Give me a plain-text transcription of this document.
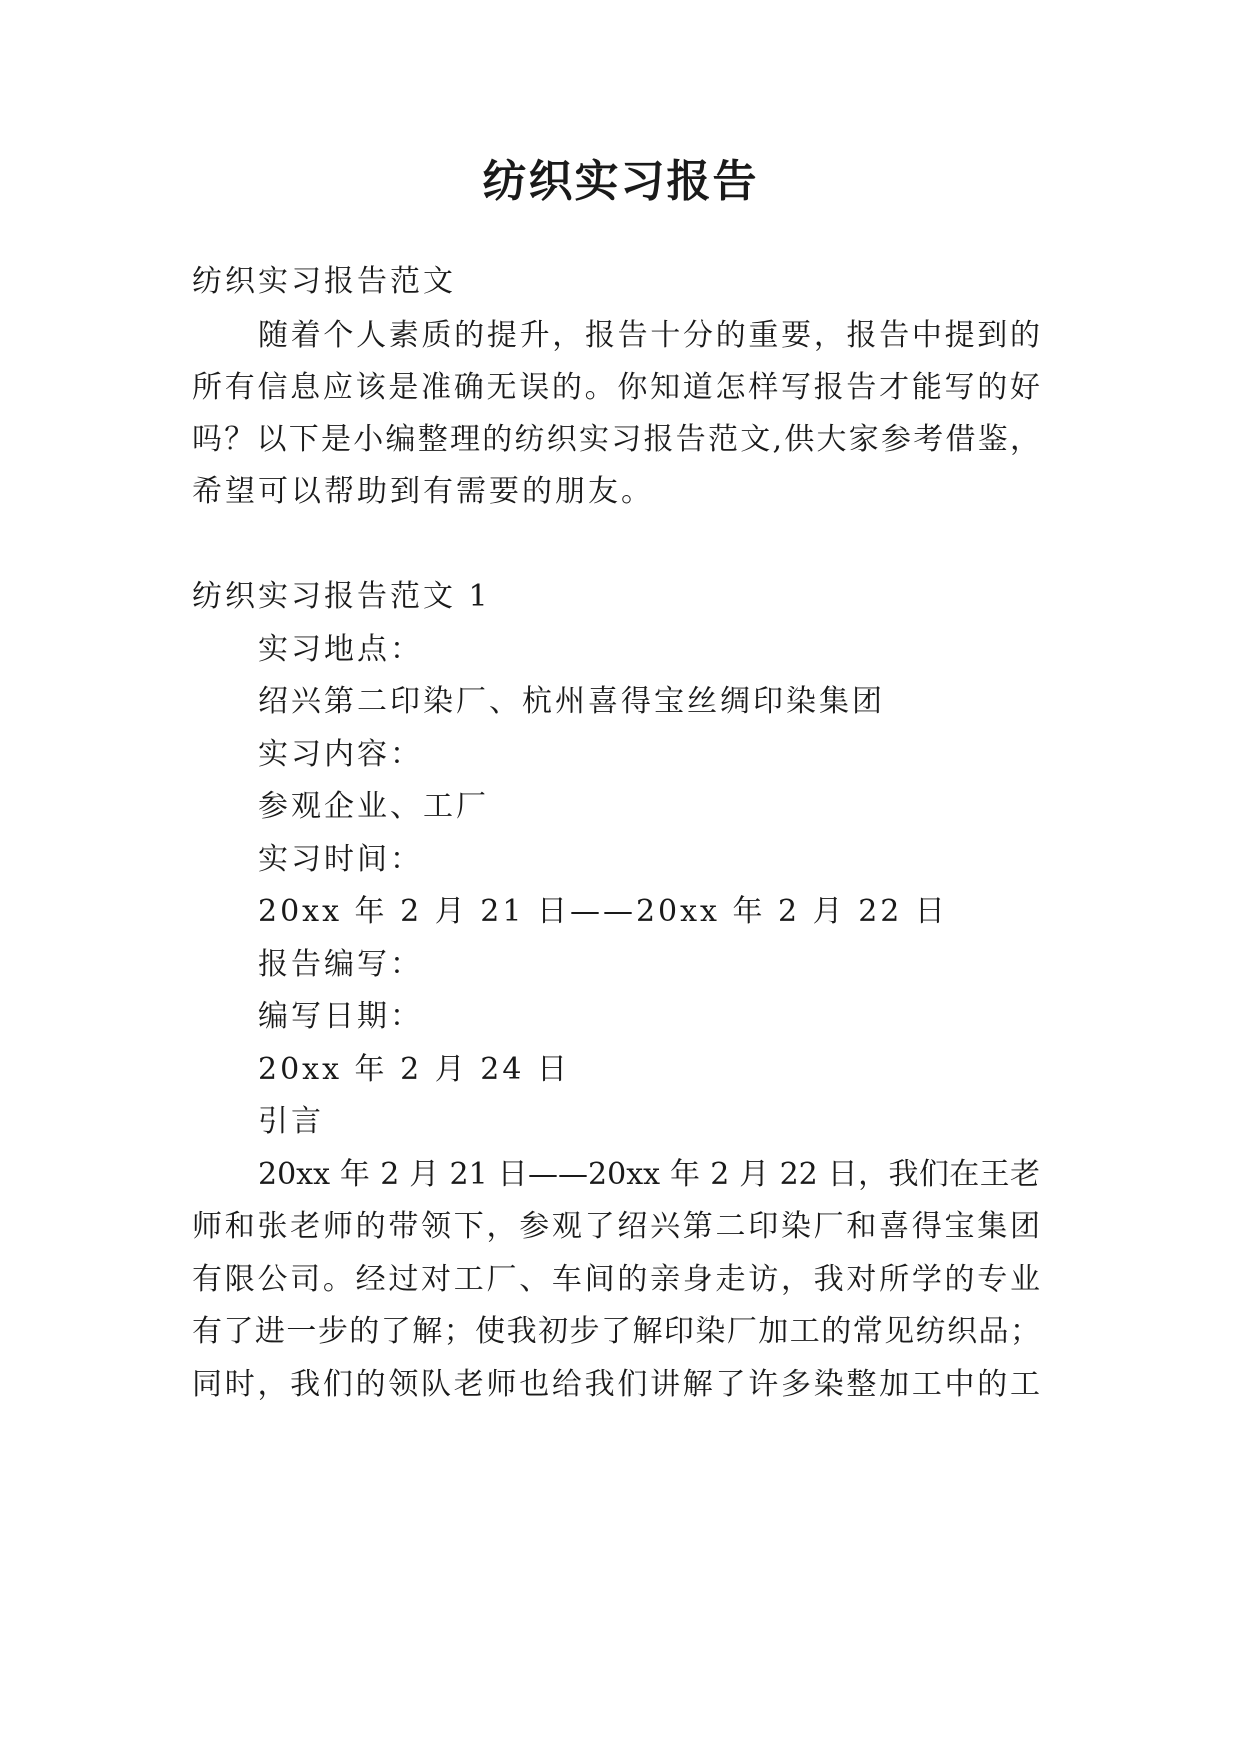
纺织实习报告
纺织实习报告范文
随着个人素质的提升，报告十分的重要，报告中提到的
所有信息应该是准确无误的。你知道怎样写报告才能写的好
吗？以下是小编整理的纺织实习报告范文,供大家参考借鉴，
希望可以帮助到有需要的朋友。
纺织实习报告范文 1
实习地点：
绍兴第二印染厂、杭州喜得宝丝绸印染集团
实习内容：
参观企业、工厂
实习时间：
20xx 年 2 月 21 日——20xx 年 2 月 22 日
报告编写：
编写日期：
20xx 年 2 月 24 日
引言
20xx 年 2 月 21 日——20xx 年 2 月 22 日，我们在王老
师和张老师的带领下，参观了绍兴第二印染厂和喜得宝集团
有限公司。经过对工厂、车间的亲身走访，我对所学的专业
有了进一步的了解；使我初步了解印染厂加工的常见纺织品；
同时，我们的领队老师也给我们讲解了许多染整加工中的工
